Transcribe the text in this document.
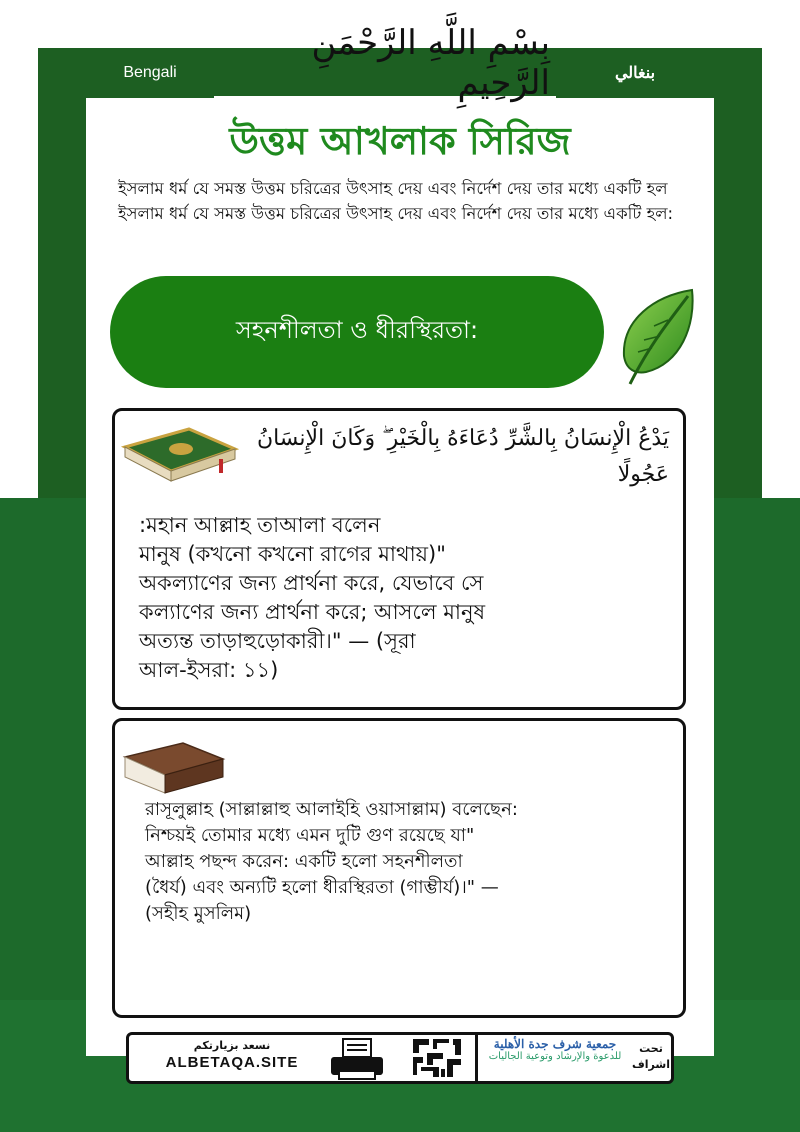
Bengali	بنغالي
بِسْمِ اللَّهِ الرَّحْمَنِ الرَّحِيمِ
উত্তম আখলাক সিরিজ
ইসলাম ধর্ম যে সমস্ত উত্তম চরিত্রের উৎসাহ দেয় এবং নির্দেশ দেয় তার মধ্যে একটি হল ইসলাম ধর্ম যে সমস্ত উত্তম চরিত্রের উৎসাহ দেয় এবং নির্দেশ দেয় তার মধ্যে একটি হল:
সহনশীলতা ও ধীরস্থিরতা:
يَدْعُ الْإِنسَانُ بِالشَّرِّ دُعَاءَهُ بِالْخَيْرِ ۖ وَكَانَ الْإِنسَانُ عَجُولًا
:মহান আল্লাহ তাআলা বলেন
মানুষ (কখনো কখনো রাগের মাথায়)"
অকল্যাণের জন্য প্রার্থনা করে, যেভাবে সে
কল্যাণের জন্য প্রার্থনা করে; আসলে মানুষ
অত্যন্ত তাড়াহুড়োকারী।" — (সূরা
আল-ইসরা: ১১)
রাসূলুল্লাহ (সাল্লাল্লাহু আলাইহি ওয়াসাল্লাম) বলেছেন:
নিশ্চয়ই তোমার মধ্যে এমন দুটি গুণ রয়েছে যা"
আল্লাহ পছন্দ করেন: একটি হলো সহনশীলতা
(ধৈর্য) এবং অন্যটি হলো ধীরস্থিরতা (গাম্ভীর্য)।" —
(সহীহ মুসলিম)
نسعد بزيارتكم
ALBETAQA.SITE
جمعية شرف جدة الأهلية
للدعوة والإرشاد وتوعية الجاليات
تحت
اشراف
